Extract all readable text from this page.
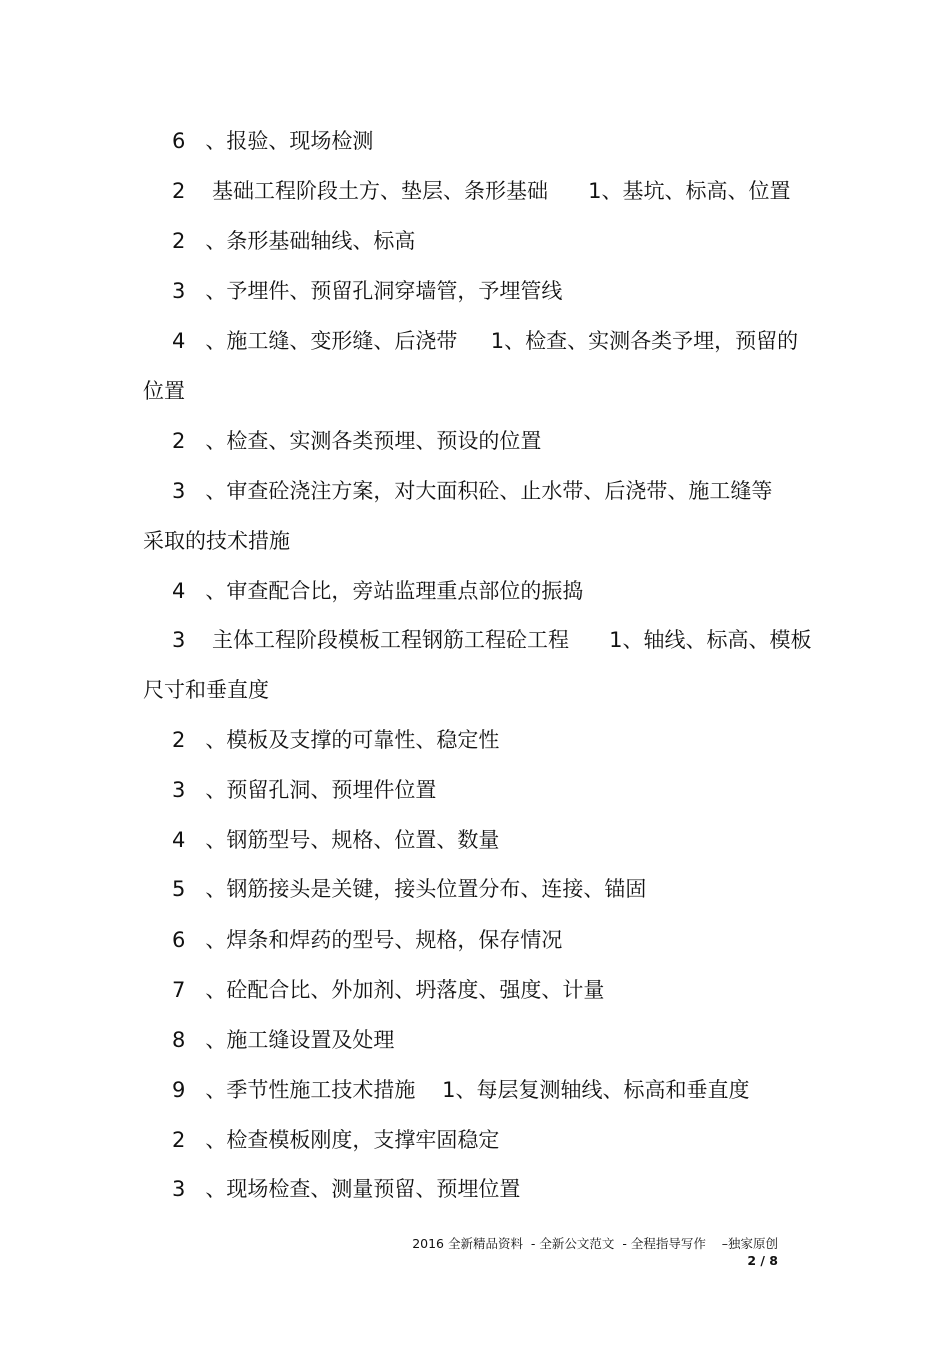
6   、报验、现场检测
2    基础工程阶段土方、垫层、条形基础      1、基坑、标高、位置
2   、条形基础轴线、标高
3   、予埋件、预留孔洞穿墙管，予埋管线
4   、施工缝、变形缝、后浇带     1、检查、实测各类予埋，预留的
位置
2   、检查、实测各类预埋、预设的位置
3   、审查砼浇注方案，对大面积砼、止水带、后浇带、施工缝等
采取的技术措施
4   、审查配合比，旁站监理重点部位的振捣
3    主体工程阶段模板工程钢筋工程砼工程      1、轴线、标高、模板
尺寸和垂直度
2   、模板及支撑的可靠性、稳定性
3   、预留孔洞、预埋件位置
4   、钢筋型号、规格、位置、数量
5   、钢筋接头是关键，接头位置分布、连接、锚固
6   、焊条和焊药的型号、规格，保存情况
7   、砼配合比、外加剂、坍落度、强度、计量
8   、施工缝设置及处理
9   、季节性施工技术措施    1、每层复测轴线、标高和垂直度
2   、检查模板刚度，支撑牢固稳定
3   、现场检查、测量预留、预埋位置
2016 全新精品资料  - 全新公文范文  - 全程指导写作    –独家原创
2 / 8
